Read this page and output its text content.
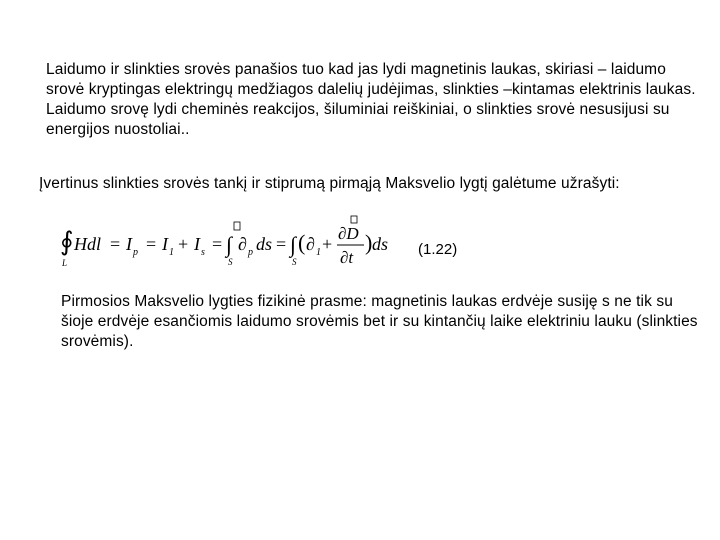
Laidumo ir slinkties srovės panašios tuo kad jas lydi magnetinis laukas, skiriasi – laidumo srovė kryptingas elektringų medžiagos dalelių judėjimas, slinkties –kintamas elektrinis laukas. Laidumo srovę lydi cheminės reakcijos, šiluminiai reiškiniai, o slinkties srovė nesusijusi su energijos nuostoliai..

Įvertinus slinkties srovės tankį ir stiprumą pirmąją Maksvelio lygtį galėtume užrašyti:

∮
L
Hdl = I p = I 1 + I s = ∫
S
∂ p ds = ∫
S
( ∂ 1 +
∂D
∂t
) ds (1.22)

Pirmosios Maksvelio lygties fizikinė prasme: magnetinis laukas erdvėje susiję s ne tik su šioje erdvėje esančiomis laidumo srovėmis bet ir su kintančių laike elektriniu lauku (slinkties srovėmis).
